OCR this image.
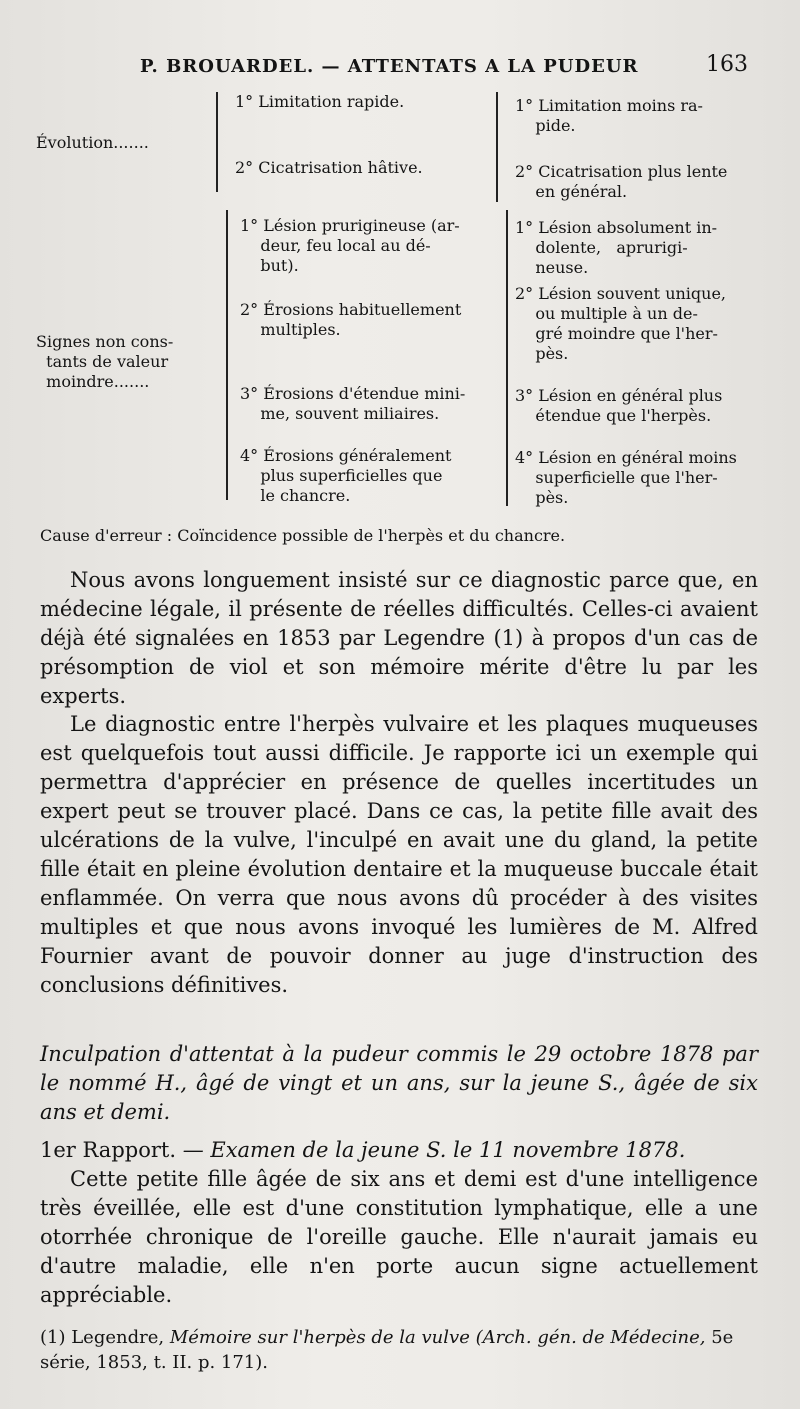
P. BROUARDEL. — ATTENTATS A LA PUDEUR	163
Évolution.......
1° Limitation rapide.
2° Cicatrisation hâtive.
1° Limitation moins ra-
pide.
2° Cicatrisation plus lente
en général.
Signes non cons-
tants de valeur
moindre.......
1° Lésion prurigineuse (ar-
deur, feu local au dé-
but).
2° Érosions habituellement
multiples.
3° Érosions d'étendue mini-
me, souvent miliaires.
4° Érosions généralement
plus superficielles que
le chancre.
1° Lésion absolument in-
dolente,   aprurigi-
neuse.
2° Lésion souvent unique,
ou multiple à un de-
gré moindre que l'her-
pès.
3° Lésion en général plus
étendue que l'herpès.
4° Lésion en général moins
superficielle que l'her-
pès.
Cause d'erreur : Coïncidence possible de l'herpès et du chancre.

Nous avons longuement insisté sur ce diagnostic parce que, en médecine légale, il présente de réelles difficultés. Celles-ci avaient déjà été signalées en 1853 par Legendre (1) à propos d'un cas de présomption de viol et son mémoire mérite d'être lu par les experts.

Le diagnostic entre l'herpès vulvaire et les plaques muqueuses est quelquefois tout aussi difficile. Je rapporte ici un exemple qui permettra d'apprécier en présence de quelles incertitudes un expert peut se trouver placé. Dans ce cas, la petite fille avait des ulcérations de la vulve, l'inculpé en avait une du gland, la petite fille était en pleine évolution dentaire et la muqueuse buccale était enflammée. On verra que nous avons dû procéder à des visites multiples et que nous avons invoqué les lumières de M. Alfred Fournier avant de pouvoir donner au juge d'instruction des conclusions définitives.

Inculpation d'attentat à la pudeur commis le 29 octobre 1878 par le nommé H., âgé de vingt et un ans, sur la jeune S., âgée de six ans et demi.

1er Rapport. — Examen de la jeune S. le 11 novembre 1878.

Cette petite fille âgée de six ans et demi est d'une intelligence très éveillée, elle est d'une constitution lymphatique, elle a une otorrhée chronique de l'oreille gauche. Elle n'aurait jamais eu d'autre maladie, elle n'en porte aucun signe actuellement appréciable.

(1) Legendre, Mémoire sur l'herpès de la vulve (Arch. gén. de Médecine, 5e série, 1853, t. II. p. 171).
